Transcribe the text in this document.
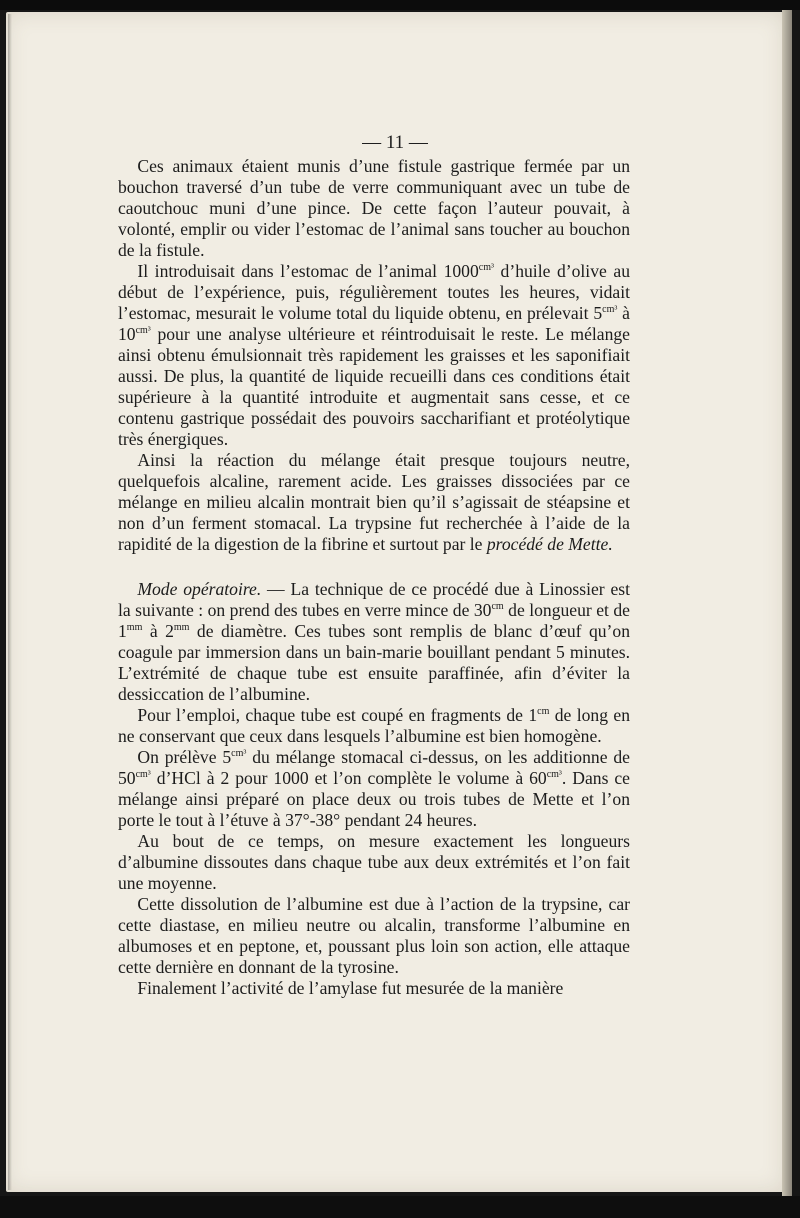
— 11 —

Ces animaux étaient munis d’une fistule gastrique fermée par un bouchon traversé d’un tube de verre communiquant avec un tube de caoutchouc muni d’une pince. De cette façon l’auteur pouvait, à volonté, emplir ou vider l’estomac de l’animal sans toucher au bouchon de la fistule.

Il introduisait dans l’estomac de l’animal $1000^{cm^3}$ d’huile d’olive au début de l’expérience, puis, régulièrement toutes les heures, vidait l’estomac, mesurait le volume total du liquide obtenu, en prélevait $5^{cm^3}$ à $10^{cm^3}$ pour une analyse ultérieure et réintroduisait le reste. Le mélange ainsi obtenu émulsionnait très rapidement les graisses et les saponifiait aussi. De plus, la quantité de liquide recueilli dans ces conditions était supérieure à la quantité introduite et augmentait sans cesse, et ce contenu gastrique possédait des pouvoirs saccharifiant et protéolytique très énergiques.

Ainsi la réaction du mélange était presque toujours neutre, quelquefois alcaline, rarement acide. Les graisses dissociées par ce mélange en milieu alcalin montrait bien qu’il s’agissait de stéapsine et non d’un ferment stomacal. La trypsine fut recherchée à l’aide de la rapidité de la digestion de la fibrine et surtout par le procédé de Mette.

Mode opératoire. — La technique de ce procédé due à Linossier est la suivante : on prend des tubes en verre mince de $30^{cm}$ de longueur et de $1^{mm}$ à $2^{mm}$ de diamètre. Ces tubes sont remplis de blanc d’œuf qu’on coagule par immersion dans un bain-marie bouillant pendant 5 minutes. L’extrémité de chaque tube est ensuite paraffinée, afin d’éviter la dessiccation de l’albumine.

Pour l’emploi, chaque tube est coupé en fragments de $1^{cm}$ de long en ne conservant que ceux dans lesquels l’albumine est bien homogène.

On prélève $5^{cm^3}$ du mélange stomacal ci-dessus, on les additionne de $50^{cm^3}$ d’HCl à 2 pour 1000 et l’on complète le volume à $60^{cm^3}$. Dans ce mélange ainsi préparé on place deux ou trois tubes de Mette et l’on porte le tout à l’étuve à 37°-38° pendant 24 heures.

Au bout de ce temps, on mesure exactement les longueurs d’albumine dissoutes dans chaque tube aux deux extrémités et l’on fait une moyenne.

Cette dissolution de l’albumine est due à l’action de la trypsine, car cette diastase, en milieu neutre ou alcalin, transforme l’albumine en albumoses et en peptone, et, poussant plus loin son action, elle attaque cette dernière en donnant de la tyrosine.

Finalement l’activité de l’amylase fut mesurée de la manière
